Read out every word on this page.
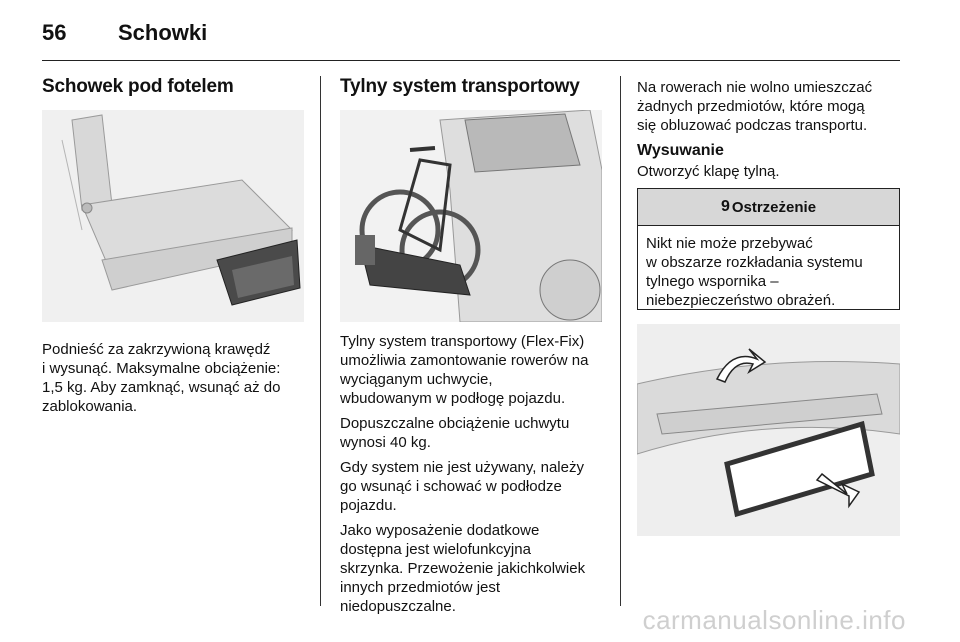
56 Schowki
Schowek pod fotelem

Podnieść za zakrzywioną krawędź

i wysunąć. Maksymalne obciążenie:

1,5 kg. Aby zamknąć, wsunąć aż do

zablokowania.

Tylny system transportowy

Tylny system transportowy (Flex-Fix)

umożliwia zamontowanie rowerów na

wyciąganym uchwycie,

wbudowanym w podłogę pojazdu.

Dopuszczalne obciążenie uchwytu

wynosi 40 kg.

Gdy system nie jest używany, należy

go wsunąć i schować w podłodze

pojazdu.

Jako wyposażenie dodatkowe

dostępna jest wielofunkcyjna

skrzynka. Przewożenie jakichkolwiek

innych przedmiotów jest

niedopuszczalne.

Na rowerach nie wolno umieszczać

żadnych przedmiotów, które mogą

się obluzować podczas transportu.

Wysuwanie

Otworzyć klapę tylną.

9 Ostrzeżenie

Nikt nie może przebywać

w obszarze rozkładania systemu

tylnego wspornika –

niebezpieczeństwo obrażeń.

carmanualsonline.info
